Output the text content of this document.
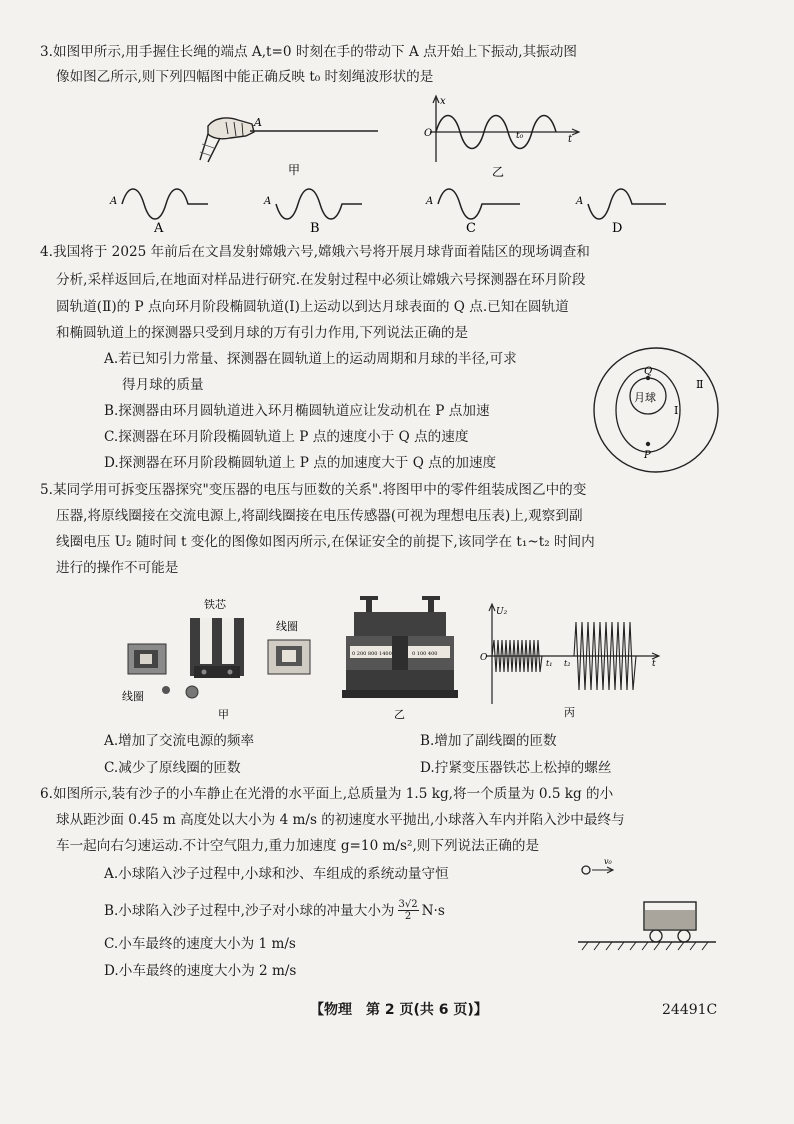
3.如图甲所示,用手握住长绳的端点 A,t=0 时刻在手的带动下 A 点开始上下振动,其振动图
像如图乙所示,则下列四幅图中能正确反映 t₀ 时刻绳波形状的是
A
甲
x
O	t₀	t
乙
A
A
A
B
A
C
A
D
4.我国将于 2025 年前后在文昌发射嫦娥六号,嫦娥六号将开展月球背面着陆区的现场调查和
分析,采样返回后,在地面对样品进行研究.在发射过程中必须让嫦娥六号探测器在环月阶段
圆轨道(Ⅱ)的 P 点向环月阶段椭圆轨道(Ⅰ)上运动以到达月球表面的 Q 点.已知在圆轨道
和椭圆轨道上的探测器只受到月球的万有引力作用,下列说法正确的是
A.若已知引力常量、探测器在圆轨道上的运动周期和月球的半径,可求
得月球的质量
B.探测器由环月圆轨道进入环月椭圆轨道应让发动机在 P 点加速
C.探测器在环月阶段椭圆轨道上 P 点的速度小于 Q 点的速度
D.探测器在环月阶段椭圆轨道上 P 点的加速度大于 Q 点的加速度
月球
Q
P
Ⅰ
Ⅱ
5.某同学用可拆变压器探究"变压器的电压与匝数的关系".将图甲中的零件组装成图乙中的变
压器,将原线圈接在交流电源上,将副线圈接在电压传感器(可视为理想电压表)上,观察到副
线圈电压 U₂ 随时间 t 变化的图像如图丙所示,在保证安全的前提下,该同学在 t₁~t₂ 时间内
进行的操作不可能是
铁芯
线圈
线圈
甲
0 200 800 1400	0 100 400
乙
U₂
O
t₁ t₂	t
丙
A.增加了交流电源的频率	B.增加了副线圈的匝数
C.减少了原线圈的匝数	D.拧紧变压器铁芯上松掉的螺丝
6.如图所示,装有沙子的小车静止在光滑的水平面上,总质量为 1.5 kg,将一个质量为 0.5 kg 的小
球从距沙面 0.45 m 高度处以大小为 4 m/s 的初速度水平抛出,小球落入车内并陷入沙中最终与
车一起向右匀速运动.不计空气阻力,重力加速度 g=10 m/s²,则下列说法正确的是
A.小球陷入沙子过程中,小球和沙、车组成的系统动量守恒
B.小球陷入沙子过程中,沙子对小球的冲量大小为 $\frac{3√2}{2} N\cdot s$
C.小车最终的速度大小为 1 m/s
D.小车最终的速度大小为 2 m/s
v₀
【物理　第 2 页(共 6 页)】	24491C
